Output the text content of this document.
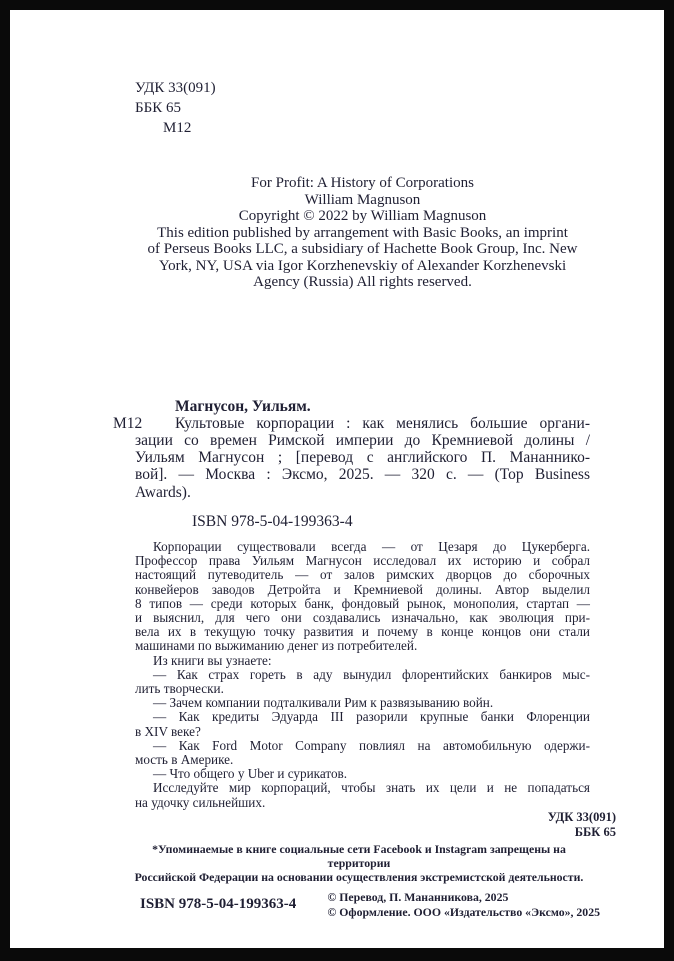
УДК 33(091)
ББК 65
М12
For Profit: A History of Corporations
William Magnuson
Copyright © 2022 by William Magnuson
This edition published by arrangement with Basic Books, an imprint
of Perseus Books LLC, a subsidiary of Hachette Book Group, Inc. New
York, NY, USA via Igor Korzhenevskiy of Alexander Korzhenevski
Agency (Russia) All rights reserved.
Магнусон, Уильям.
М12	Культовые корпорации : как менялись большие органи-
зации со времен Римской империи до Кремниевой долины /
Уильям Магнусон ; [перевод с английского П. Мананнико-
вой]. — Москва : Эксмо, 2025. — 320 с. — (Top Business
Awards).
ISBN 978-5-04-199363-4
Корпорации существовали всегда — от Цезаря до Цукерберга.
Профессор права Уильям Магнусон исследовал их историю и собрал
настоящий путеводитель — от залов римских дворцов до сборочных
конвейеров заводов Детройта и Кремниевой долины. Автор выделил
8 типов — среди которых банк, фондовый рынок, монополия, стартап —
и выяснил, для чего они создавались изначально, как эволюция при-
вела их в текущую точку развития и почему в конце концов они стали
машинами по выжиманию денег из потребителей.
Из книги вы узнаете:
— Как страх гореть в аду вынудил флорентийских банкиров мыс-
лить творчески.
— Зачем компании подталкивали Рим к развязыванию войн.
— Как кредиты Эдуарда III разорили крупные банки Флоренции
в XIV веке?
— Как Ford Motor Company повлиял на автомобильную одержи-
мость в Америке.
— Что общего у Uber и сурикатов.
Исследуйте мир корпораций, чтобы знать их цели и не попадаться
на удочку сильнейших.
УДК 33(091)
ББК 65
*Упоминаемые в книге социальные сети Facebook и Instagram запрещены на территории
Российской Федерации на основании осуществления экстремистской деятельности.
ISBN 978-5-04-199363-4	© Перевод, П. Мананникова, 2025
© Оформление. ООО «Издательство «Эксмо», 2025
